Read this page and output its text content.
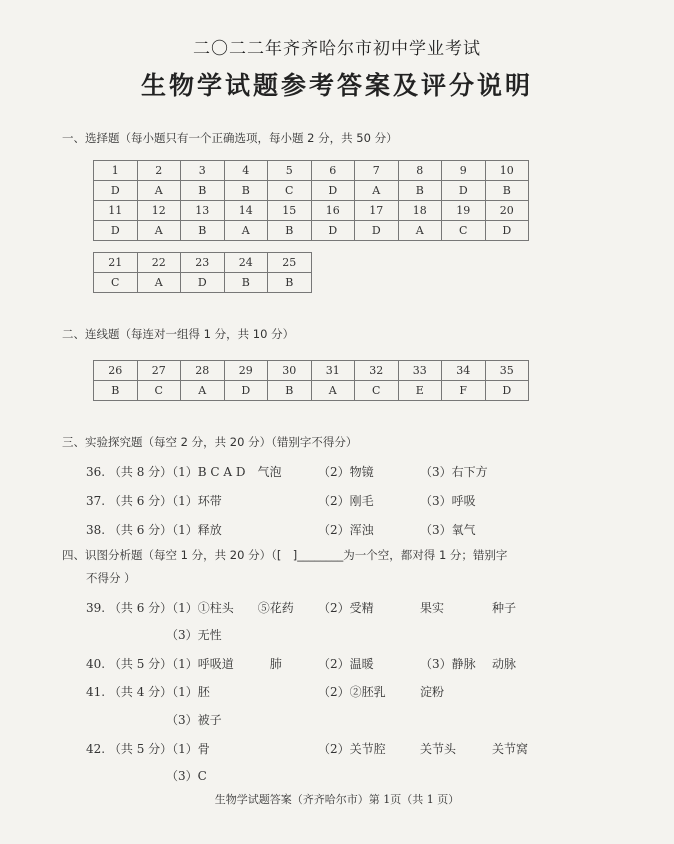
二〇二二年齐齐哈尔市初中学业考试
生物学试题参考答案及评分说明
一、选择题（每小题只有一个正确选项，每小题 2 分，共 50 分）
1	2	3	4	5	6	7	8	9	10
D	A	B	B	C	D	A	B	D	B
11	12	13	14	15	16	17	18	19	20
D	A	B	A	B	D	D	A	C	D
21	22	23	24	25
C	A	D	B	B
二、连线题（每连对一组得 1 分，共 10 分）
26	27	28	29	30	31	32	33	34	35
B	C	A	D	B	A	C	E	F	D
三、实验探究题（每空 2 分，共 20 分）（错别字不得分）
36. （共 8 分）（1）B C A D　气泡	（2）物镜	（3）右下方
37. （共 6 分）（1）环带	（2）刚毛	（3）呼吸
38. （共 6 分）（1）释放	（2）浑浊	（3）氧气
四、识图分析题（每空 1 分，共 20 分）（[　]________为一个空，都对得 1 分；错别字
不得分 ）
39. （共 6 分）（1）①柱头　　⑤花药 （2）受精	果实	种子
（3）无性
40. （共 5 分）（1）呼吸道　　　肺	（2）温暖	（3）静脉 动脉
41. （共 4 分）（1）胚	（2）②胚乳	淀粉
（3）被子
42. （共 5 分）（1）骨	（2）关节腔	关节头	关节窝
（3）C
生物学试题答案（齐齐哈尔市）第 1页（共 1 页）
